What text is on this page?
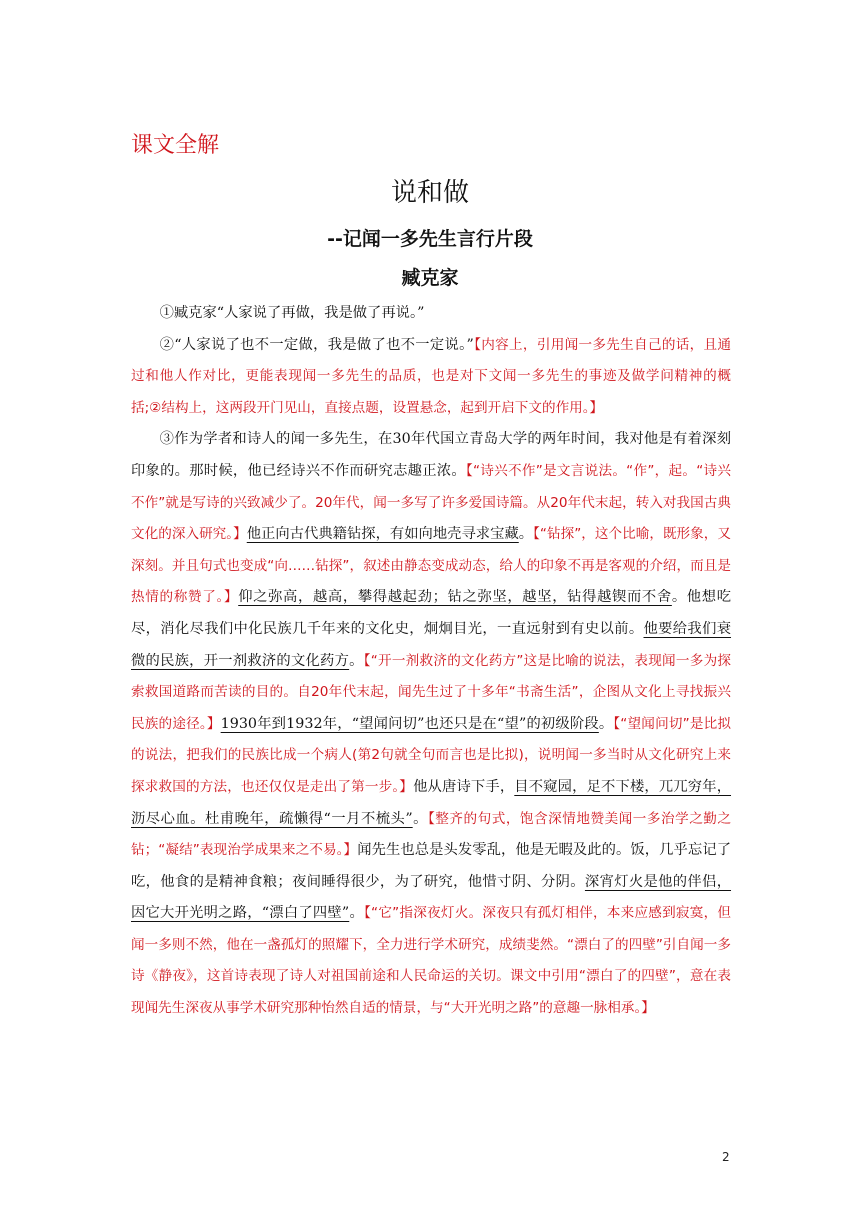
课文全解
说和做
--记闻一多先生言行片段
臧克家

①臧克家“人家说了再做，我是做了再说。”

②“人家说了也不一定做，我是做了也不一定说。”【内容上，引用闻一多先生自己的话，且通过和他人作对比，更能表现闻一多先生的品质，也是对下文闻一多先生的事迹及做学问精神的概括;②结构上，这两段开门见山，直接点题，设置悬念，起到开启下文的作用。】

③作为学者和诗人的闻一多先生，在30年代国立青岛大学的两年时间，我对他是有着深刻印象的。那时候，他已经诗兴不作而研究志趣正浓。【“诗兴不作”是文言说法。“作”，起。“诗兴不作”就是写诗的兴致减少了。20年代，闻一多写了许多爱国诗篇。从20年代末起，转入对我国古典文化的深入研究。】他正向古代典籍钻探，有如向地壳寻求宝藏。【“钻探”，这个比喻，既形象，又深刻。并且句式也变成“向……钻探”，叙述由静态变成动态，给人的印象不再是客观的介绍，而且是热情的称赞了。】仰之弥高，越高，攀得越起劲；钻之弥坚，越坚，钻得越锲而不舍。他想吃尽，消化尽我们中化民族几千年来的文化史，炯炯目光，一直远射到有史以前。他要给我们衰微的民族，开一剂救济的文化药方。【“开一剂救济的文化药方”这是比喻的说法，表现闻一多为探索救国道路而苦读的目的。自20年代末起，闻先生过了十多年“书斋生活”，企图从文化上寻找振兴民族的途径。】1930年到1932年，“望闻问切”也还只是在“望”的初级阶段。【“望闻问切”是比拟的说法，把我们的民族比成一个病人(第2句就全句而言也是比拟)，说明闻一多当时从文化研究上来探求救国的方法，也还仅仅是走出了第一步。】他从唐诗下手，目不窥园，足不下楼，兀兀穷年，沥尽心血。杜甫晚年，疏懒得“一月不梳头”。【整齐的句式，饱含深情地赞美闻一多治学之勤之钻；“凝结”表现治学成果来之不易。】闻先生也总是头发零乱，他是无暇及此的。饭，几乎忘记了吃，他食的是精神食粮；夜间睡得很少，为了研究，他惜寸阴、分阴。深宵灯火是他的伴侣，因它大开光明之路，“漂白了四壁”。【“它”指深夜灯火。深夜只有孤灯相伴，本来应感到寂寞，但闻一多则不然，他在一盏孤灯的照耀下，全力进行学术研究，成绩斐然。“漂白了的四壁”引自闻一多诗《静夜》，这首诗表现了诗人对祖国前途和人民命运的关切。课文中引用“漂白了的四壁”，意在表现闻先生深夜从事学术研究那种怡然自适的情景，与“大开光明之路”的意趣一脉相承。】

2
